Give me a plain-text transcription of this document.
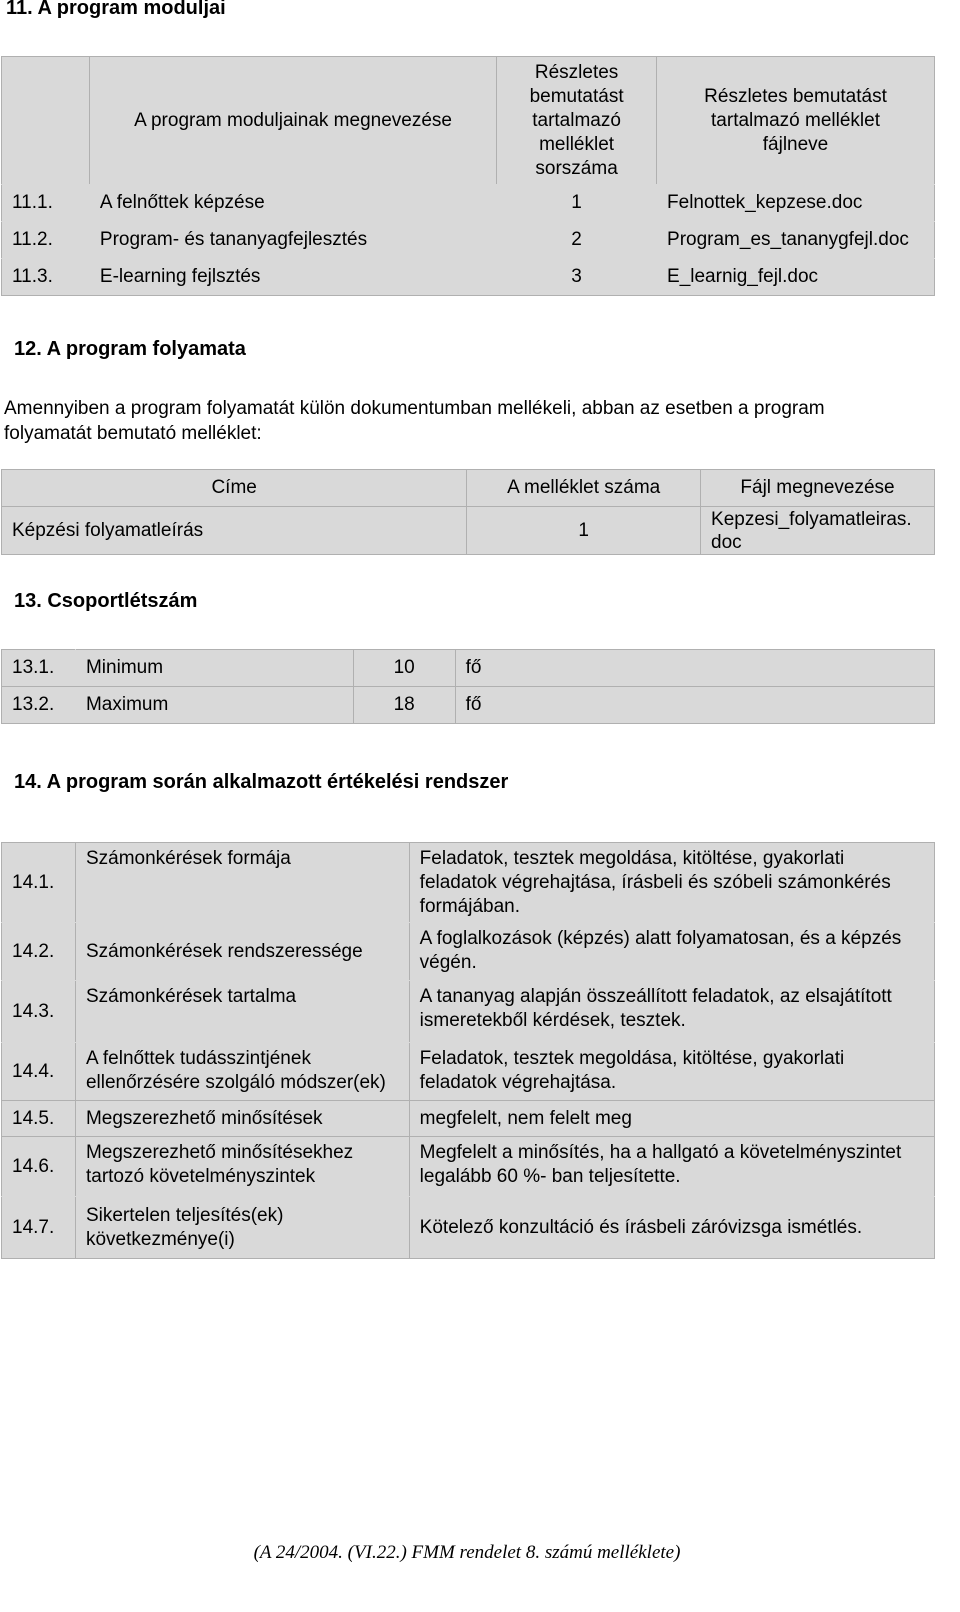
11. A program moduljai
	A program moduljainak megnevezése	Részletes
bemutatást
tartalmazó
melléklet
sorszáma	Részletes bemutatást
tartalmazó melléklet
fájlneve
11.1.	A felnőttek képzése	1	Felnottek_kepzese.doc
11.2.	Program- és tananyagfejlesztés	2	Program_es_tananygfejl.doc
11.3.	E-learning fejlsztés	3	E_learnig_fejl.doc
12. A program folyamata
Amennyiben a program folyamatát külön dokumentumban mellékeli, abban az esetben a program
folyamatát bemutató melléklet:
Címe	A melléklet száma	Fájl megnevezése
Képzési folyamatleírás	1	Kepzesi_folyamatleiras.
doc
13. Csoportlétszám
13.1.	Minimum	10	fő
13.2.	Maximum	18	fő
14. A program során alkalmazott értékelési rendszer
14.1.	Számonkérések formája	Feladatok, tesztek megoldása, kitöltése, gyakorlati
feladatok végrehajtása, írásbeli és szóbeli számonkérés
formájában.
14.2.	Számonkérések rendszeressége	A foglalkozások (képzés) alatt folyamatosan, és a képzés
végén.
14.3.	Számonkérések tartalma	A tananyag alapján összeállított feladatok, az elsajátított
ismeretekből kérdések, tesztek.
14.4.	A felnőttek tudásszintjének
ellenőrzésére szolgáló módszer(ek)	Feladatok, tesztek megoldása, kitöltése, gyakorlati
feladatok végrehajtása.
14.5.	Megszerezhető minősítések	megfelelt, nem felelt meg
14.6.	Megszerezhető minősítésekhez
tartozó követelményszintek	Megfelelt a minősítés, ha a hallgató a követelményszintet
legalább 60 %- ban teljesítette.
14.7.	Sikertelen teljesítés(ek)
következménye(i)	Kötelező konzultáció és írásbeli záróvizsga ismétlés.
(A 24/2004. (VI.22.) FMM rendelet 8. számú melléklete)
